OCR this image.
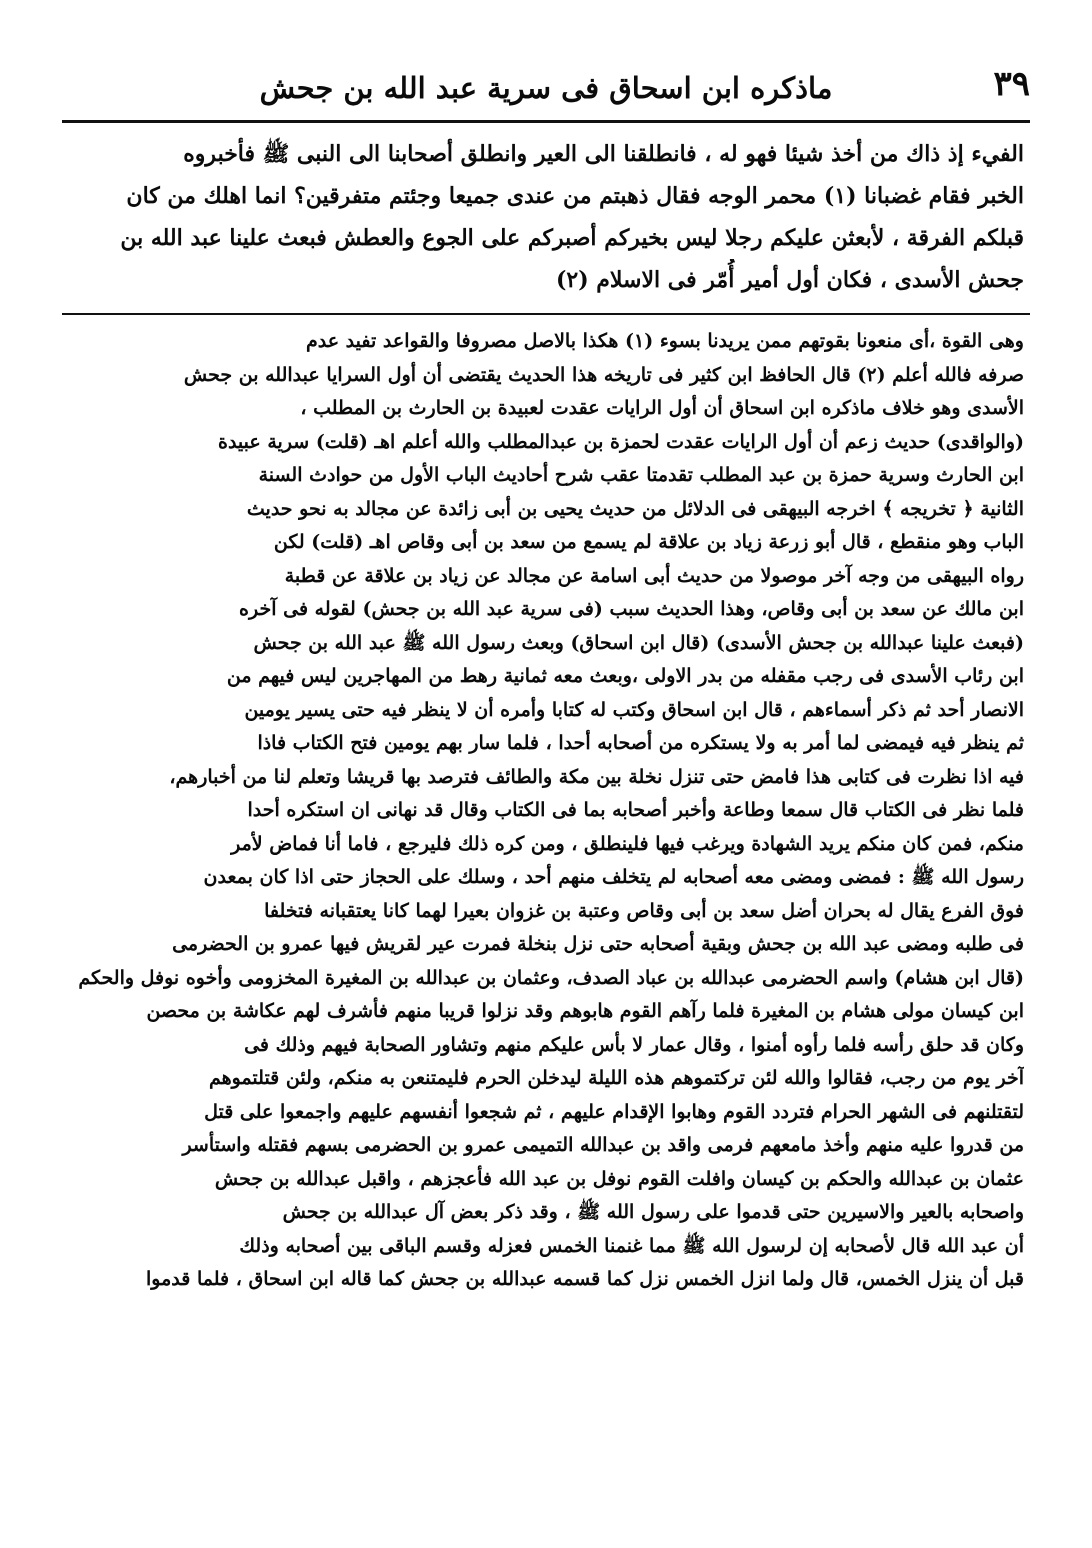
٣٩
ماذكره ابن اسحاق فى سرية عبد الله بن جحش

الفيء إذ ذاك من أخذ شيئا فهو له ، فانطلقنا الى العير وانطلق أصحابنا الى النبى ﷺ فأخبروه

الخبر فقام غضبانا (١) محمر الوجه فقال ذهبتم من عندى جميعا وجئتم متفرقين؟ انما اهلك من كان

قبلكم الفرقة ، لأبعثن عليكم رجلا ليس بخيركم أصبركم على الجوع والعطش فبعث علينا عبد الله بن

جحش الأسدى ، فكان أول أمير أُمّر فى الاسلام (٢)

وهى القوة ،أى منعونا بقوتهم ممن يريدنا بسوء (١) هكذا بالاصل مصروفا والقواعد تفيد عدم

صرفه فالله أعلم (٢) قال الحافظ ابن كثير فى تاريخه هذا الحديث يقتضى أن أول السرايا عبدالله بن جحش

الأسدى وهو خلاف ماذكره ابن اسحاق أن أول الرايات عقدت لعبيدة بن الحارث بن المطلب ،

(والواقدى) حديث زعم أن أول الرايات عقدت لحمزة بن عبدالمطلب والله أعلم اهـ (قلت) سرية عبيدة

ابن الحارث وسرية حمزة بن عبد المطلب تقدمتا عقب شرح أحاديث الباب الأول من حوادث السنة

الثانية ﴿ تخريجه ﴾ اخرجه البيهقى فى الدلائل من حديث يحيى بن أبى زائدة عن مجالد به نحو حديث

الباب وهو منقطع ، قال أبو زرعة زياد بن علاقة لم يسمع من سعد بن أبى وقاص اهـ (قلت) لكن

رواه البيهقى من وجه آخر موصولا من حديث أبى اسامة عن مجالد عن زياد بن علاقة عن قطبة

ابن مالك عن سعد بن أبى وقاص، وهذا الحديث سبب (فى سرية عبد الله بن جحش) لقوله فى آخره

(فبعث علينا عبدالله بن جحش الأسدى) (قال ابن اسحاق) وبعث رسول الله ﷺ عبد الله بن جحش

ابن رئاب الأسدى فى رجب مقفله من بدر الاولى ،وبعث معه ثمانية رهط من المهاجرين ليس فيهم من

الانصار أحد ثم ذكر أسماءهم ، قال ابن اسحاق وكتب له كتابا وأمره أن لا ينظر فيه حتى يسير يومين

ثم ينظر فيه فيمضى لما أمر به ولا يستكره من أصحابه أحدا ، فلما سار بهم يومين فتح الكتاب فاذا

فيه اذا نظرت فى كتابى هذا فامض حتى تنزل نخلة بين مكة والطائف فترصد بها قريشا وتعلم لنا من أخبارهم،

فلما نظر فى الكتاب قال سمعا وطاعة وأخبر أصحابه بما فى الكتاب وقال قد نهانى ان استكره أحدا

منكم، فمن كان منكم يريد الشهادة ويرغب فيها فلينطلق ، ومن كره ذلك فليرجع ، فاما أنا فماض لأمر

رسول الله ﷺ : فمضى ومضى معه أصحابه لم يتخلف منهم أحد ، وسلك على الحجاز حتى اذا كان بمعدن

فوق الفرع يقال له بحران أضل سعد بن أبى وقاص وعتبة بن غزوان بعيرا لهما كانا يعتقبانه فتخلفا

فى طلبه ومضى عبد الله بن جحش وبقية أصحابه حتى نزل بنخلة فمرت عير لقريش فيها عمرو بن الحضرمى

(قال ابن هشام) واسم الحضرمى عبدالله بن عباد الصدف، وعثمان بن عبدالله بن المغيرة المخزومى وأخوه نوفل والحكم

ابن كيسان مولى هشام بن المغيرة فلما رآهم القوم هابوهم وقد نزلوا قريبا منهم فأشرف لهم عكاشة بن محصن

وكان قد حلق رأسه فلما رأوه أمنوا ، وقال عمار لا بأس عليكم منهم وتشاور الصحابة فيهم وذلك فى

آخر يوم من رجب، فقالوا والله لئن تركتموهم هذه الليلة ليدخلن الحرم فليمتنعن به منكم، ولئن قتلتموهم

لتقتلنهم فى الشهر الحرام فتردد القوم وهابوا الإقدام عليهم ، ثم شجعوا أنفسهم عليهم واجمعوا على قتل

من قدروا عليه منهم وأخذ مامعهم فرمى واقد بن عبدالله التميمى عمرو بن الحضرمى بسهم فقتله واستأسر

عثمان بن عبدالله والحكم بن كيسان وافلت القوم نوفل بن عبد الله فأعجزهم ، واقبل عبدالله بن جحش

واصحابه بالعير والاسيرين حتى قدموا على رسول الله ﷺ ، وقد ذكر بعض آل عبدالله بن جحش

أن عبد الله قال لأصحابه إن لرسول الله ﷺ مما غنمنا الخمس فعزله وقسم الباقى بين أصحابه وذلك

قبل أن ينزل الخمس، قال ولما انزل الخمس نزل كما قسمه عبدالله بن جحش كما قاله ابن اسحاق ، فلما قدموا
